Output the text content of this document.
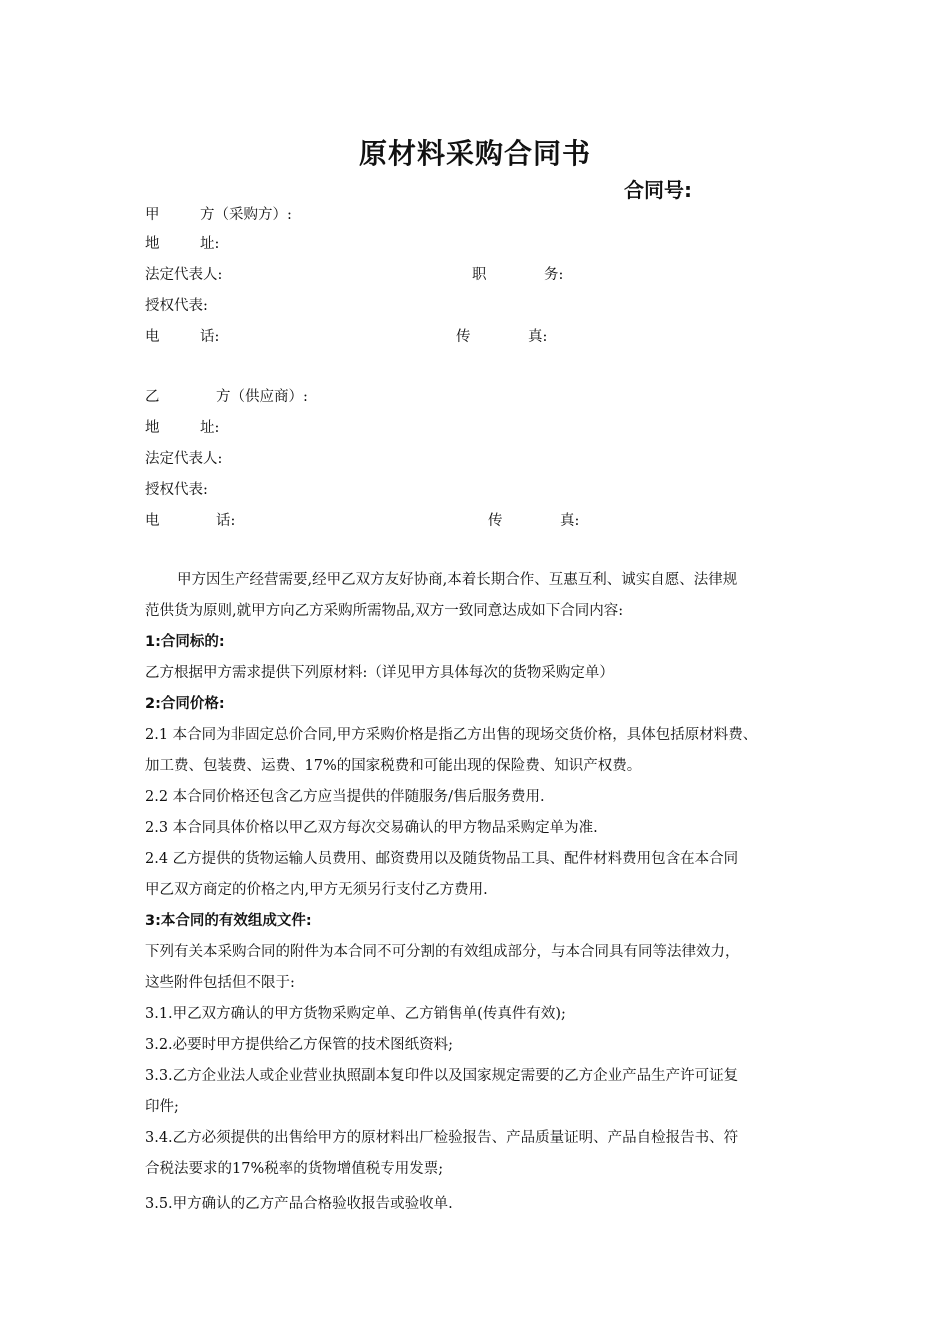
原材料采购合同书
合同号:
甲	方（采购方）:
地	址:
法定代表人:	职	务:
授权代表:
电	话:	传	真:
乙	方（供应商）:
地	址:
法定代表人:
授权代表:
电	话:	传	真:
甲方因生产经营需要,经甲乙双方友好协商,本着长期合作、互惠互利、诚实自愿、法律规
范供货为原则,就甲方向乙方采购所需物品,双方一致同意达成如下合同内容:
1:合同标的:
乙方根据甲方需求提供下列原材料:（详见甲方具体每次的货物采购定单）
2:合同价格:
2.1 本合同为非固定总价合同,甲方采购价格是指乙方出售的现场交货价格，具体包括原材料费、
加工费、包装费、运费、17%的国家税费和可能出现的保险费、知识产权费。
2.2 本合同价格还包含乙方应当提供的伴随服务/售后服务费用.
2.3 本合同具体价格以甲乙双方每次交易确认的甲方物品采购定单为准.
2.4 乙方提供的货物运输人员费用、邮资费用以及随货物品工具、配件材料费用包含在本合同
甲乙双方商定的价格之内,甲方无须另行支付乙方费用.
3:本合同的有效组成文件:
下列有关本采购合同的附件为本合同不可分割的有效组成部分，与本合同具有同等法律效力，
这些附件包括但不限于:
3.1.甲乙双方确认的甲方货物采购定单、乙方销售单(传真件有效);
3.2.必要时甲方提供给乙方保管的技术图纸资料;
3.3.乙方企业法人或企业营业执照副本复印件以及国家规定需要的乙方企业产品生产许可证复
印件;
3.4.乙方必须提供的出售给甲方的原材料出厂检验报告、产品质量证明、产品自检报告书、符
合税法要求的17%税率的货物增值税专用发票;
3.5.甲方确认的乙方产品合格验收报告或验收单.
